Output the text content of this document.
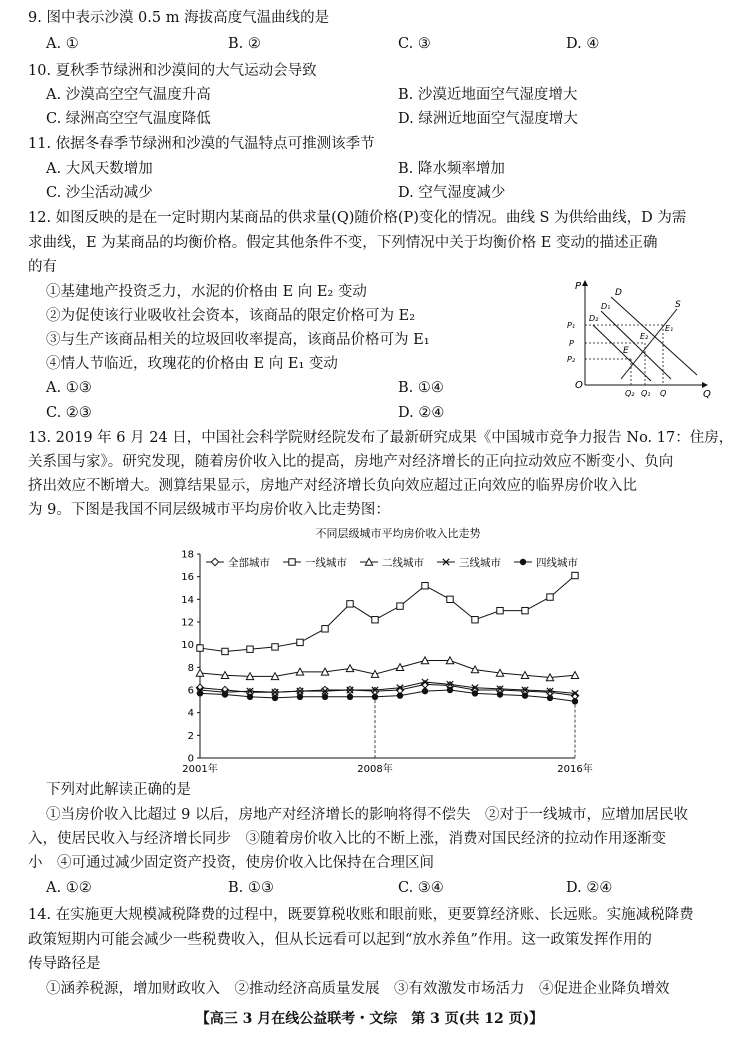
9. 图中表示沙漠 0.5 m 海拔高度气温曲线的是
A. ①	B. ②	C. ③	D. ④
10. 夏秋季节绿洲和沙漠间的大气运动会导致
A. 沙漠高空空气温度升高	B. 沙漠近地面空气湿度增大
C. 绿洲高空空气温度降低	D. 绿洲近地面空气湿度增大
11. 依据冬春季节绿洲和沙漠的气温特点可推测该季节
A. 大风天数增加	B. 降水频率增加
C. 沙尘活动减少	D. 空气湿度减少
12. 如图反映的是在一定时期内某商品的供求量(Q)随价格(P)变化的情况。曲线 S 为供给曲线，D 为需
求曲线，E 为某商品的均衡价格。假定其他条件不变，下列情况中关于均衡价格 E 变动的描述正确
的有
①基建地产投资乏力，水泥的价格由 E 向 E₂ 变动
②为促使该行业吸收社会资本，该商品的限定价格可为 E₂
③与生产该商品相关的垃圾回收率提高，该商品价格可为 E₁
④情人节临近，玫瑰花的价格由 E 向 E₁ 变动
A. ①③	B. ①④
C. ②③	D. ②④
P
Q
O
P₁
P
P₂
Q₂ Q₁ Q
D
D₁
D₂
S
E
E₁
E₂
13. 2019 年 6 月 24 日，中国社会科学院财经院发布了最新研究成果《中国城市竞争力报告 No. 17：住房，
关系国与家》。研究发现，随着房价收入比的提高，房地产对经济增长的正向拉动效应不断变小、负向
挤出效应不断增大。测算结果显示，房地产对经济增长负向效应超过正向效应的临界房价收入比
为 9。下图是我国不同层级城市平均房价收入比走势图：
不同层级城市平均房价收入比走势
全部城市	一线城市	二线城市	三线城市	四线城市
0
2
4
6
8
10
12
14
16
18
2001年	2008年	2016年
下列对此解读正确的是
①当房价收入比超过 9 以后，房地产对经济增长的影响将得不偿失　②对于一线城市，应增加居民收
入，使居民收入与经济增长同步　③随着房价收入比的不断上涨，消费对国民经济的拉动作用逐渐变
小　④可通过减少固定资产投资，使房价收入比保持在合理区间
A. ①②	B. ①③	C. ③④	D. ②④
14. 在实施更大规模减税降费的过程中，既要算税收账和眼前账，更要算经济账、长远账。实施减税降费
政策短期内可能会减少一些税费收入，但从长远看可以起到“放水养鱼”作用。这一政策发挥作用的
传导路径是
①涵养税源，增加财政收入　②推动经济高质量发展　③有效激发市场活力　④促进企业降负增效
【高三 3 月在线公益联考・文综　第 3 页(共 12 页)】
